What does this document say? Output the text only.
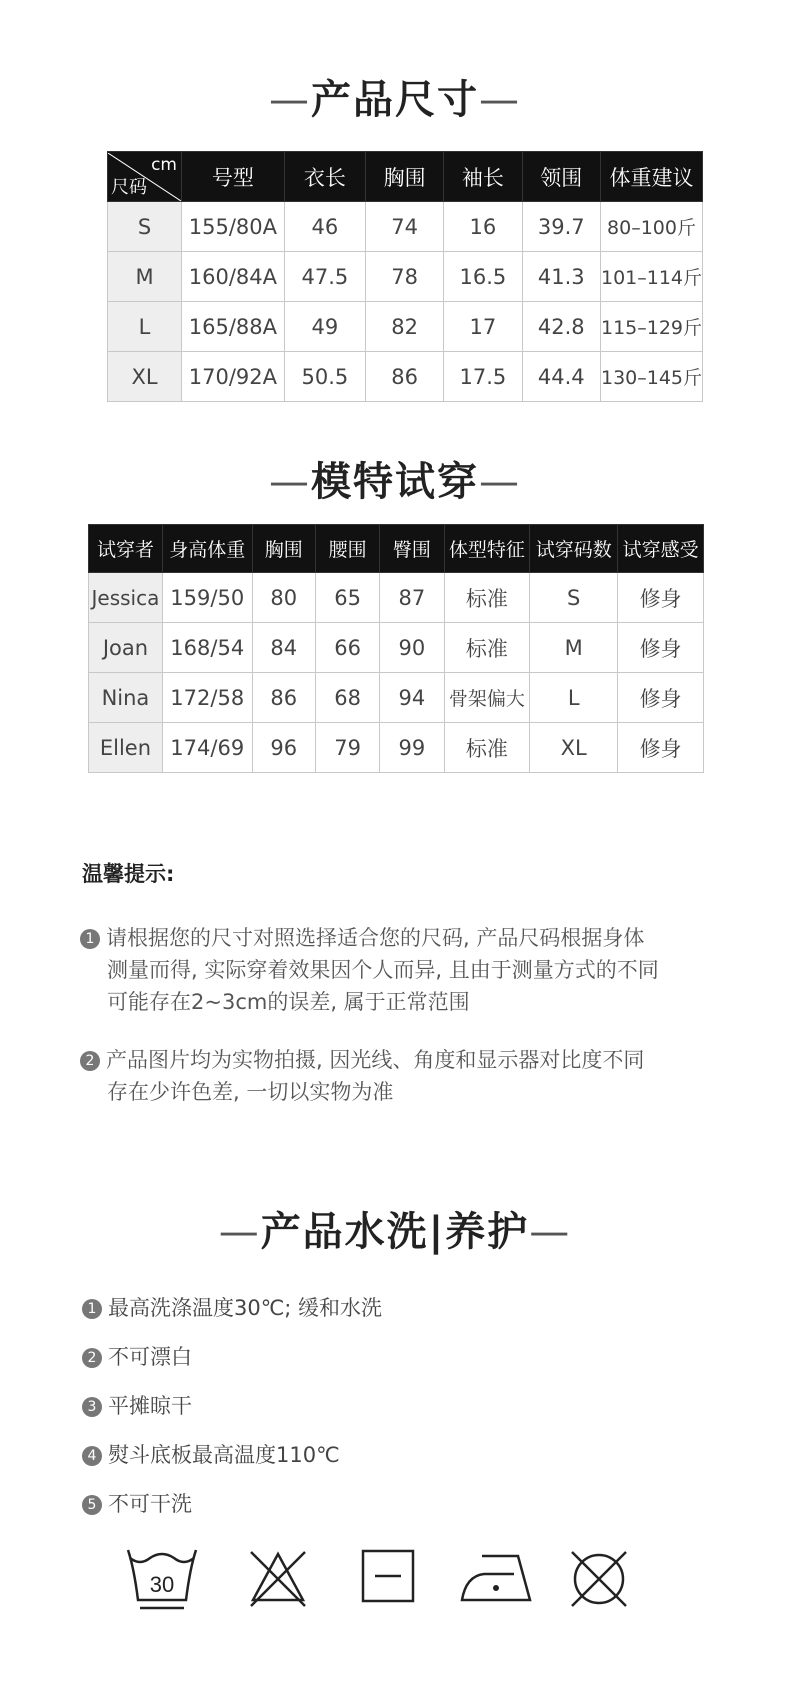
—产品尺寸—
cm
尺码	号型	衣长	胸围	袖长	领围	体重建议
S	155/80A	46	74	16	39.7	80–100斤
M	160/84A	47.5	78	16.5	41.3	101–114斤
L	165/88A	49	82	17	42.8	115–129斤
XL	170/92A	50.5	86	17.5	44.4	130–145斤
—模特试穿—
试穿者	身高体重	胸围	腰围	臀围	体型特征	试穿码数	试穿感受
Jessica	159/50	80	65	87	标准	S	修身
Joan	168/54	84	66	90	标准	M	修身
Nina	172/58	86	68	94	骨架偏大	L	修身
Ellen	174/69	96	79	99	标准	XL	修身
温馨提示:
1 请根据您的尺寸对照选择适合您的尺码, 产品尺码根据身体
测量而得, 实际穿着效果因个人而异, 且由于测量方式的不同
可能存在2~3cm的误差, 属于正常范围
2 产品图片均为实物拍摄, 因光线、角度和显示器对比度不同
存在少许色差, 一切以实物为准
—产品水洗|养护—
1 最高洗涤温度30℃; 缓和水洗
2 不可漂白
3 平摊晾干
4 熨斗底板最高温度110℃
5 不可干洗
30
